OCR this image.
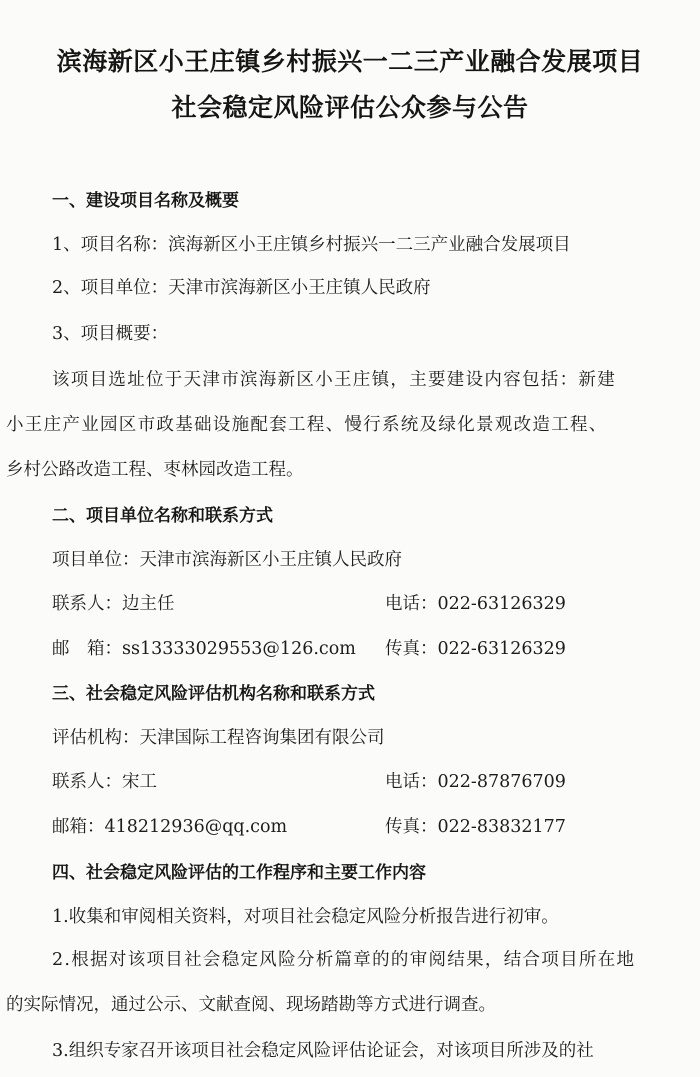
滨海新区小王庄镇乡村振兴一二三产业融合发展项目
社会稳定风险评估公众参与公告
一、建设项目名称及概要
1、项目名称：滨海新区小王庄镇乡村振兴一二三产业融合发展项目
2、项目单位：天津市滨海新区小王庄镇人民政府
3、项目概要：
该项目选址位于天津市滨海新区小王庄镇，主要建设内容包括：新建
小王庄产业园区市政基础设施配套工程、慢行系统及绿化景观改造工程、
乡村公路改造工程、枣林园改造工程。
二、项目单位名称和联系方式
项目单位：天津市滨海新区小王庄镇人民政府
联系人：边主任	电话：022-63126329
邮　箱：ss13333029553@126.com 传真：022-63126329
三、社会稳定风险评估机构名称和联系方式
评估机构：天津国际工程咨询集团有限公司
联系人：宋工	电话：022-87876709
邮箱：418212936@qq.com	传真：022-83832177
四、社会稳定风险评估的工作程序和主要工作内容
1.收集和审阅相关资料，对项目社会稳定风险分析报告进行初审。
2.根据对该项目社会稳定风险分析篇章的的审阅结果，结合项目所在地
的实际情况，通过公示、文献查阅、现场踏勘等方式进行调查。
3.组织专家召开该项目社会稳定风险评估论证会，对该项目所涉及的社
